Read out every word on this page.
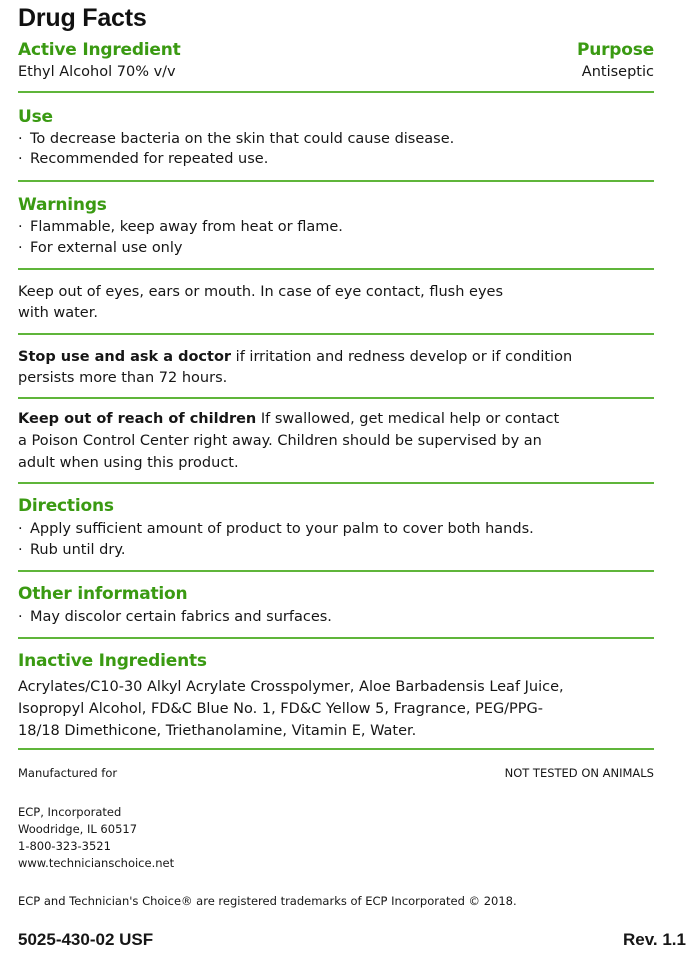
Drug Facts
Active Ingredient	Purpose
Ethyl Alcohol 70% v/v	Antiseptic
Use
· To decrease bacteria on the skin that could cause disease.
· Recommended for repeated use.
Warnings
· Flammable, keep away from heat or flame.
· For external use only
Keep out of eyes, ears or mouth. In case of eye contact, flush eyes
with water.
Stop use and ask a doctor if irritation and redness develop or if condition
persists more than 72 hours.
Keep out of reach of children If swallowed, get medical help or contact
a Poison Control Center right away. Children should be supervised by an
adult when using this product.
Directions
· Apply sufficient amount of product to your palm to cover both hands.
· Rub until dry.
Other information
· May discolor certain fabrics and surfaces.
Inactive Ingredients
Acrylates/C10-30 Alkyl Acrylate Crosspolymer, Aloe Barbadensis Leaf Juice,
Isopropyl Alcohol, FD&C Blue No. 1, FD&C Yellow 5, Fragrance, PEG/PPG-
18/18 Dimethicone, Triethanolamine, Vitamin E, Water.
Manufactured for	NOT TESTED ON ANIMALS
ECP, Incorporated
Woodridge, IL 60517
1-800-323-3521
www.technicianschoice.net
ECP and Technician's Choice® are registered trademarks of ECP Incorporated © 2018.
5025-430-02 USF	Rev. 1.1
